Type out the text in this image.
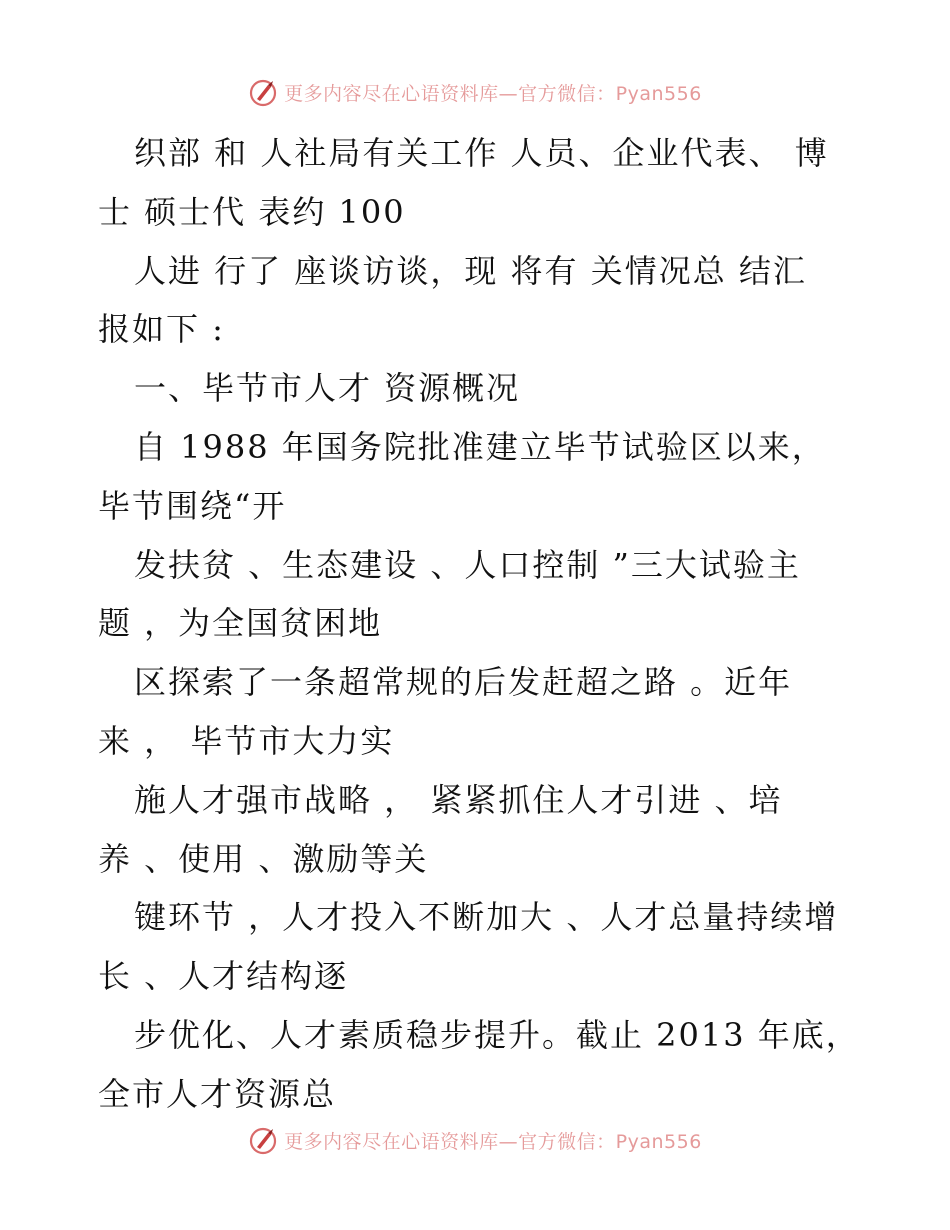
更多内容尽在心语资料库—官方微信：Pyan556
织部 和 人社局有关工作 人员、企业代表、 博
士 硕士代 表约 100
人进 行了 座谈访谈，现 将有 关情况总 结汇
报如下 :
一、毕节市人才 资源概况
自 1988 年国务院批准建立毕节试验区以来，
毕节围绕“开
发扶贫 、生态建设 、人口控制 ”三大试验主
题 ，为全国贫困地
区探索了一条超常规的后发赶超之路 。近年
来 ， 毕节市大力实
施人才强市战略 ， 紧紧抓住人才引进 、培
养 、使用 、激励等关
键环节 ，人才投入不断加大 、人才总量持续增
长 、人才结构逐
步优化、人才素质稳步提升。截止 2013 年底，
全市人才资源总
更多内容尽在心语资料库—官方微信：Pyan556
